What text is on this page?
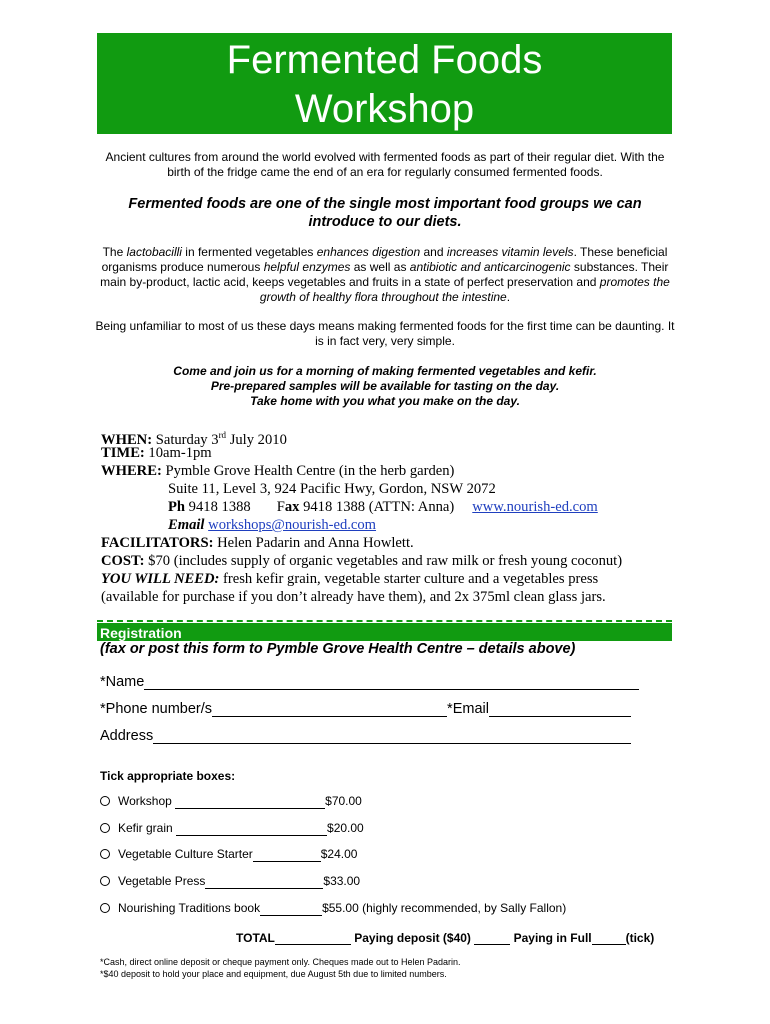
Fermented Foods
Workshop
Ancient cultures from around the world evolved with fermented foods as part of their regular diet. With the birth of the fridge came the end of an era for regularly consumed fermented foods.
Fermented foods are one of the single most important food groups we can introduce to our diets.
The lactobacilli in fermented vegetables enhances digestion and increases vitamin levels. These beneficial organisms produce numerous helpful enzymes as well as antibiotic and anticarcinogenic substances. Their main by-product, lactic acid, keeps vegetables and fruits in a state of perfect preservation and promotes the growth of healthy flora throughout the intestine.
Being unfamiliar to most of us these days means making fermented foods for the first time can be daunting. It is in fact very, very simple.
Come and join us for a morning of making fermented vegetables and kefir.
Pre-prepared samples will be available for tasting on the day.
Take home with you what you make on the day.
WHEN: Saturday 3rd July 2010
TIME: 10am-1pm
WHERE: Pymble Grove Health Centre (in the herb garden)
Suite 11, Level 3, 924 Pacific Hwy, Gordon, NSW 2072
Ph 9418 1388 Fax 9418 1388 (ATTN: Anna) www.nourish-ed.com
Email workshops@nourish-ed.com
FACILITATORS: Helen Padarin and Anna Howlett.
COST: $70 (includes supply of organic vegetables and raw milk or fresh young coconut)
YOU WILL NEED: fresh kefir grain, vegetable starter culture and a vegetables press
(available for purchase if you don’t already have them), and 2x 375ml clean glass jars.
Registration
(fax or post this form to Pymble Grove Health Centre – details above)
*Name
*Phone number/s	*Email
Address
Tick appropriate boxes:
Workshop	$70.00
Kefir grain	$20.00
Vegetable Culture Starter	$24.00
Vegetable Press	$33.00
Nourishing Traditions book	$55.00 (highly recommended, by Sally Fallon)
TOTAL	Paying deposit ($40)	Paying in Full	(tick)
*Cash, direct online deposit or cheque payment only. Cheques made out to Helen Padarin.
*$40 deposit to hold your place and equipment, due August 5th due to limited numbers.
